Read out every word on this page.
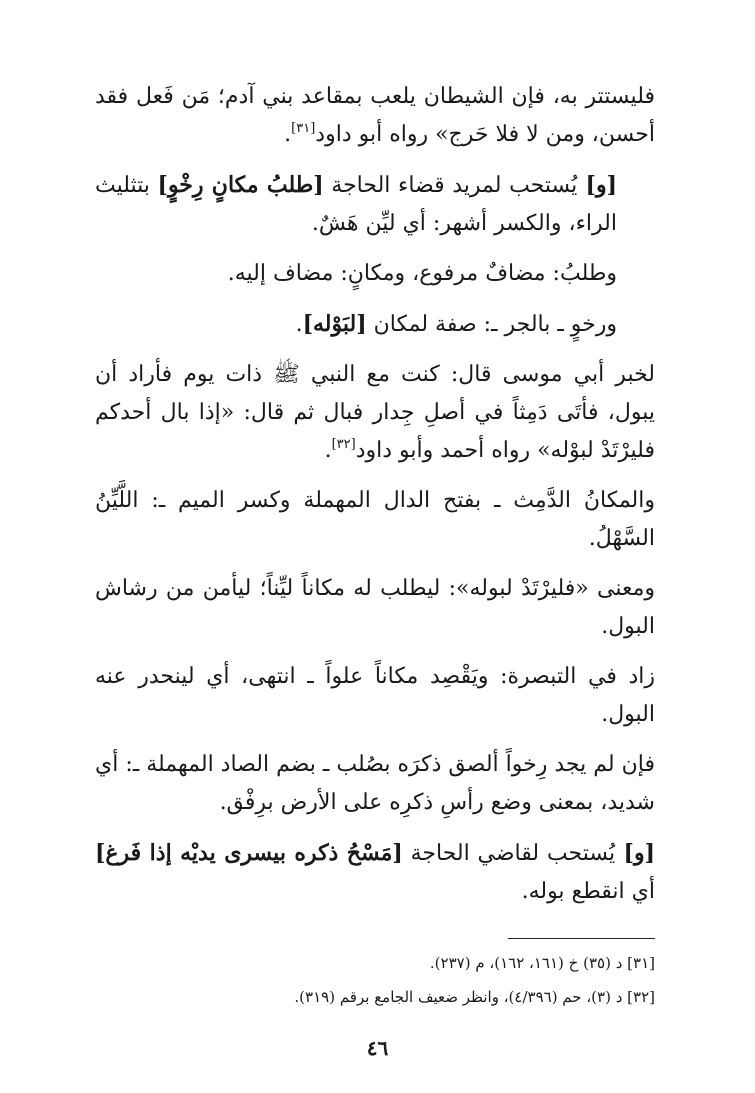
فليستتر به، فإن الشيطان يلعب بمقاعد بني آدم؛ مَن فَعل فقد أحسن، ومن لا فلا حَرج» رواه أبو داود[٣١].

[و] يُستحب لمريد قضاء الحاجة [طلبُ مكانٍ رِخْوٍ] بتثليث الراء، والكسر أشهر: أي ليِّن هَشٌ.

وطلبُ: مضافٌ مرفوع، ومكانٍ: مضاف إليه.

ورخوٍ ـ بالجر ـ: صفة لمكان [لبَوْله].

لخبر أبي موسى قال: كنت مع النبي ﷺ ذات يوم فأراد أن يبول، فأتَى دَمِثاً في أصلِ جِدار فبال ثم قال: «إذا بال أحدكم فليرْتَدْ لبوْله» رواه أحمد وأبو داود[٣٢].

والمكانُ الدَّمِث ـ بفتح الدال المهملة وكسر الميم ـ: اللَّيِّنُ السَّهْلُ.

ومعنى «فليرْتَدْ لبوله»: ليطلب له مكاناً ليِّناً؛ ليأمن من رشاش البول.

زاد في التبصرة: ويَقْصِد مكاناً علواً ـ انتهى، أي لينحدر عنه البول.

فإن لم يجد رِخواً ألصق ذكرَه بصُلب ـ بضم الصاد المهملة ـ: أي شديد، بمعنى وضع رأسِ ذكرِه على الأرض برِفْق.

[و] يُستحب لقاضي الحاجة [مَسْحُ ذكره بيسرى يديْه إذا فَرغ] أي انقطع بوله.

[٣١] د (٣٥) خ (١٦١، ١٦٢)، م (٢٣٧).

[٣٢] د (٣)، حم (٤/٣٩٦)، وانظر ضعيف الجامع برقم (٣١٩).

٤٦
